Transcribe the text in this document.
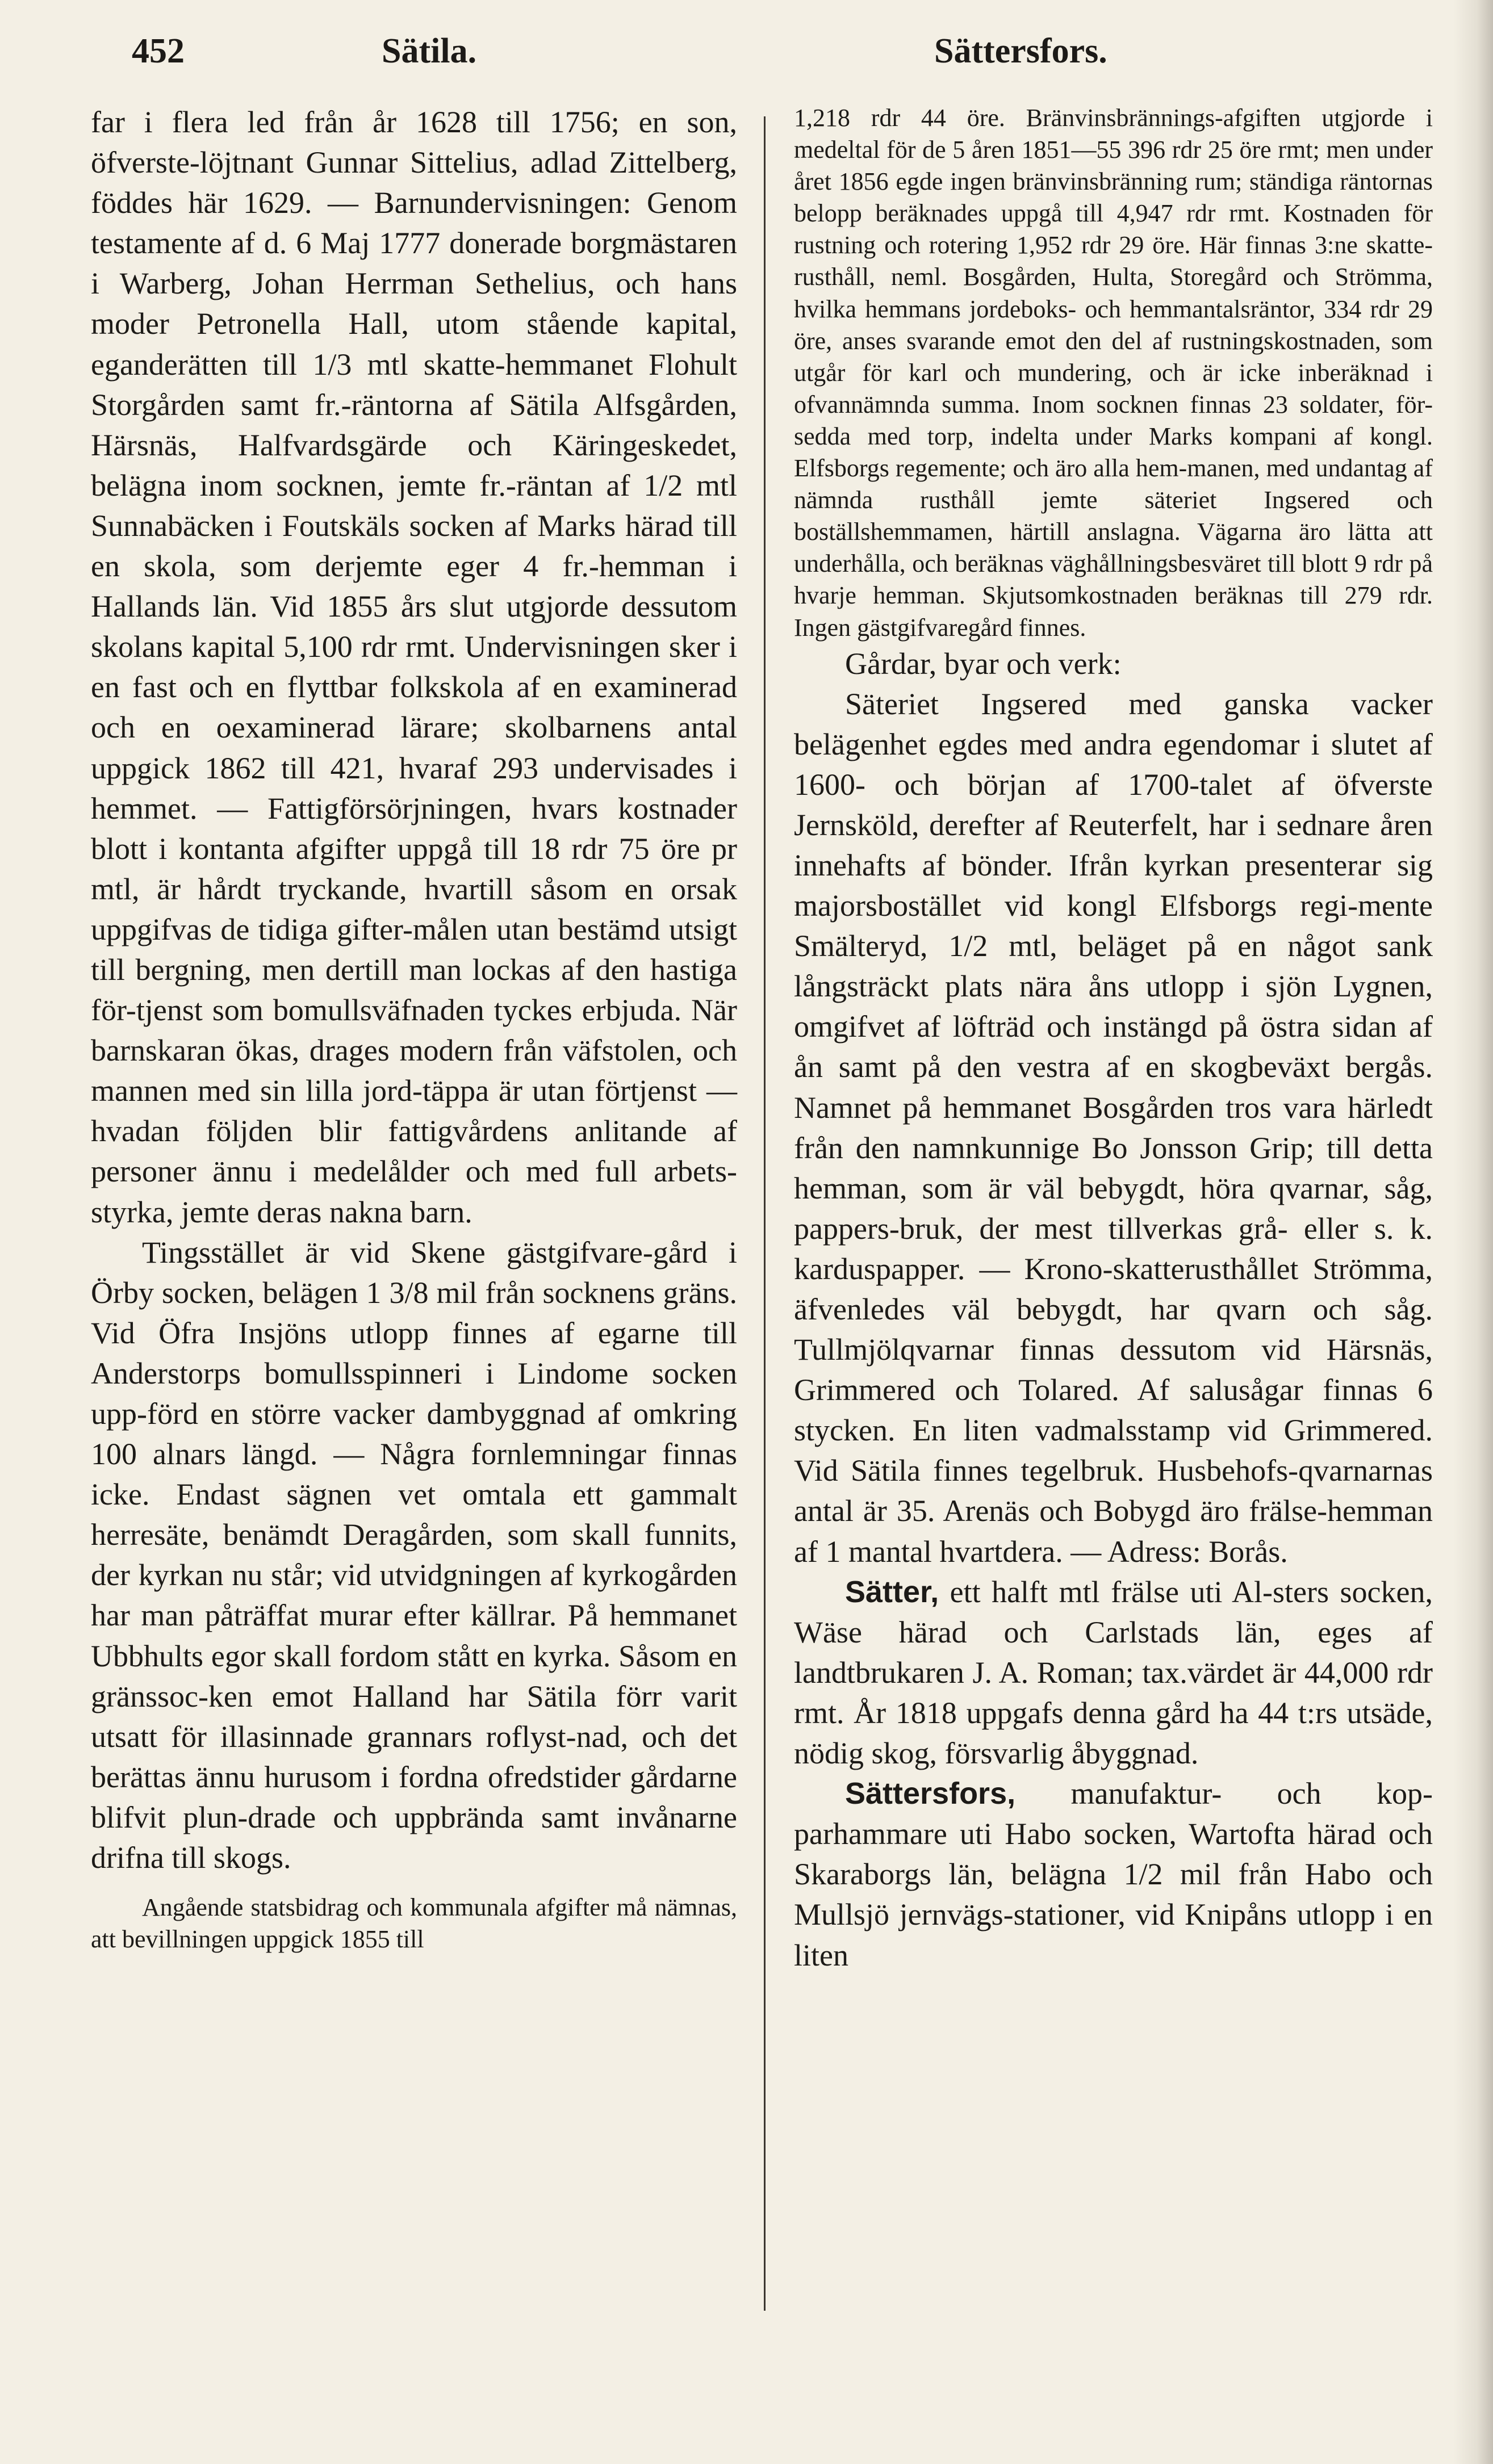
452	Sätila.	Sättersfors.

far i flera led från år 1628 till 1756; en son, öfverste-löjtnant Gunnar Sittelius, adlad Zittelberg, föddes här 1629. — Barnundervisningen: Genom testamente af d. 6 Maj 1777 donerade borgmästaren i Warberg, Johan Herrman Sethelius, och hans moder Petronella Hall, utom stående kapital, eganderätten till 1/3 mtl skatte-hemmanet Flohult Storgården samt fr.-räntorna af Sätila Alfsgården, Härsnäs, Halfvardsgärde och Käringeskedet, belägna inom socknen, jemte fr.-räntan af 1/2 mtl Sunnabäcken i Foutskäls socken af Marks härad till en skola, som derjemte eger 4 fr.-hemman i Hallands län. Vid 1855 års slut utgjorde dessutom skolans kapital 5,100 rdr rmt. Undervisningen sker i en fast och en flyttbar folkskola af en examinerad och en oexaminerad lärare; skolbarnens antal uppgick 1862 till 421, hvaraf 293 undervisades i hemmet. — Fattigförsörjningen, hvars kostnader blott i kontanta afgifter uppgå till 18 rdr 75 öre pr mtl, är hårdt tryckande, hvartill såsom en orsak uppgifvas de tidiga gifter-målen utan bestämd utsigt till bergning, men dertill man lockas af den hastiga för-tjenst som bomullsväfnaden tyckes erbjuda. När barnskaran ökas, drages modern från väfstolen, och mannen med sin lilla jord-täppa är utan förtjenst — hvadan följden blir fattigvårdens anlitande af personer ännu i medelålder och med full arbets-styrka, jemte deras nakna barn.

Tingsstället är vid Skene gästgifvare-gård i Örby socken, belägen 1 3/8 mil från socknens gräns. Vid Öfra Insjöns utlopp finnes af egarne till Anderstorps bomullsspinneri i Lindome socken upp-förd en större vacker dambyggnad af omkring 100 alnars längd. — Några fornlemningar finnas icke. Endast sägnen vet omtala ett gammalt herresäte, benämdt Deragården, som skall funnits, der kyrkan nu står; vid utvidgningen af kyrkogården har man påträffat murar efter källrar. På hemmanet Ubbhults egor skall fordom stått en kyrka. Såsom en gränssoc-ken emot Halland har Sätila förr varit utsatt för illasinnade grannars roflyst-nad, och det berättas ännu hurusom i fordna ofredstider gårdarne blifvit plun-drade och uppbrända samt invånarne drifna till skogs.

Angående statsbidrag och kommunala afgifter må nämnas, att bevillningen uppgick 1855 till

1,218 rdr 44 öre. Bränvinsbrännings-afgiften utgjorde i medeltal för de 5 åren 1851—55 396 rdr 25 öre rmt; men under året 1856 egde ingen bränvinsbränning rum; ständiga räntornas belopp beräknades uppgå till 4,947 rdr rmt. Kostnaden för rustning och rotering 1,952 rdr 29 öre. Här finnas 3:ne skatte-rusthåll, neml. Bosgården, Hulta, Storegård och Strömma, hvilka hemmans jordeboks- och hemmantalsräntor, 334 rdr 29 öre, anses svarande emot den del af rustningskostnaden, som utgår för karl och mundering, och är icke inberäknad i ofvannämnda summa. Inom socknen finnas 23 soldater, för-sedda med torp, indelta under Marks kompani af kongl. Elfsborgs regemente; och äro alla hem-manen, med undantag af nämnda rusthåll jemte säteriet Ingsered och boställshemmamen, härtill anslagna. Vägarna äro lätta att underhålla, och beräknas väghållningsbesväret till blott 9 rdr på hvarje hemman. Skjutsomkostnaden beräknas till 279 rdr. Ingen gästgifvaregård finnes.

Gårdar, byar och verk:

Säteriet Ingsered med ganska vacker belägenhet egdes med andra egendomar i slutet af 1600- och början af 1700-talet af öfverste Jernsköld, derefter af Reuterfelt, har i sednare åren innehafts af bönder. Ifrån kyrkan presenterar sig majorsbostället vid kongl Elfsborgs regi-mente Smälteryd, 1/2 mtl, beläget på en något sank långsträckt plats nära åns utlopp i sjön Lygnen, omgifvet af löfträd och instängd på östra sidan af ån samt på den vestra af en skogbeväxt bergås. Namnet på hemmanet Bosgården tros vara härledt från den namnkunnige Bo Jonsson Grip; till detta hemman, som är väl bebygdt, höra qvarnar, såg, pappers-bruk, der mest tillverkas grå- eller s. k. karduspapper. — Krono-skatterusthållet Strömma, äfvenledes väl bebygdt, har qvarn och såg. Tullmjölqvarnar finnas dessutom vid Härsnäs, Grimmered och Tolared. Af salusågar finnas 6 stycken. En liten vadmalsstamp vid Grimmered. Vid Sätila finnes tegelbruk. Husbehofs-qvarnarnas antal är 35. Arenäs och Bobygd äro frälse-hemman af 1 mantal hvartdera. — Adress: Borås.

Sätter, ett halft mtl frälse uti Al-sters socken, Wäse härad och Carlstads län, eges af landtbrukaren J. A. Roman; tax.värdet är 44,000 rdr rmt. År 1818 uppgafs denna gård ha 44 t:rs utsäde, nödig skog, försvarlig åbyggnad.

Sättersfors, manufaktur- och kop-parhammare uti Habo socken, Wartofta härad och Skaraborgs län, belägna 1/2 mil från Habo och Mullsjö jernvägs-stationer, vid Knipåns utlopp i en liten
